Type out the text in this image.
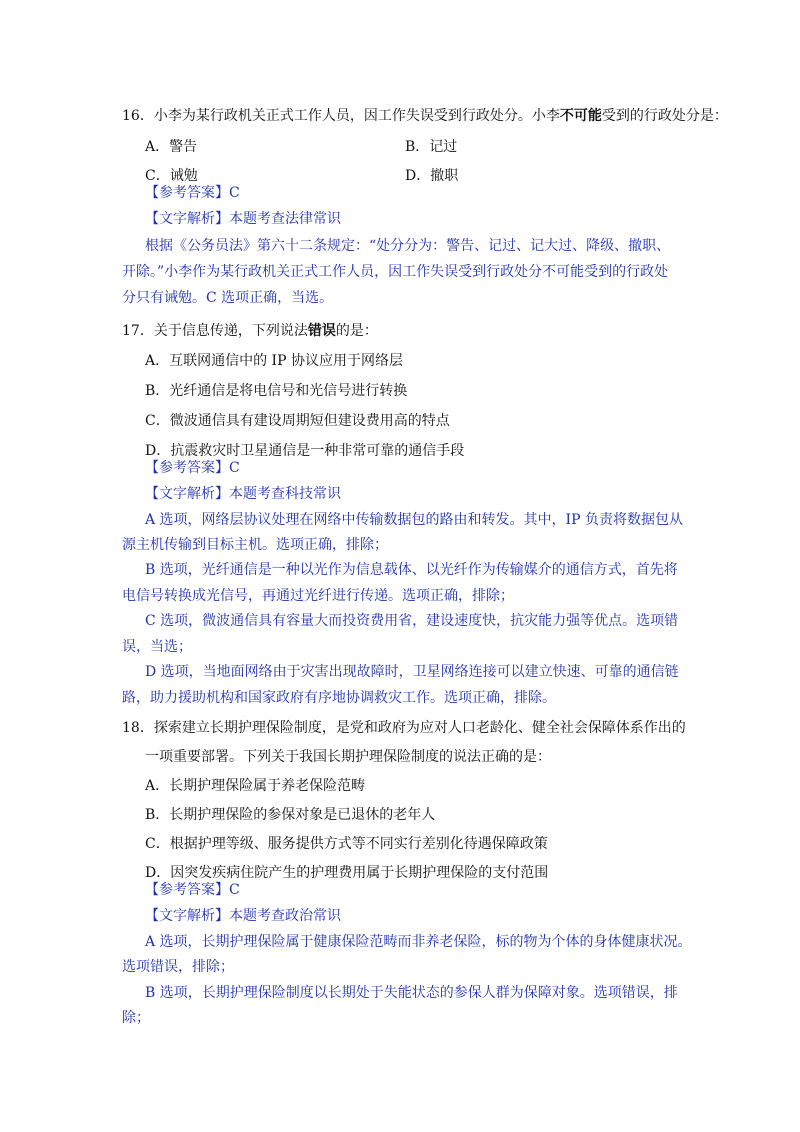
16．小李为某行政机关正式工作人员，因工作失误受到行政处分。小李不可能受到的行政处分是：
A．警告	B．记过
C．诫勉	D．撤职
【参考答案】C
【文字解析】本题考查法律常识
根据《公务员法》第六十二条规定：“处分分为：警告、记过、记大过、降级、撤职、
开除。”小李作为某行政机关正式工作人员，因工作失误受到行政处分不可能受到的行政处
分只有诫勉。C 选项正确，当选。
17．关于信息传递，下列说法错误的是：
A．互联网通信中的 IP 协议应用于网络层
B．光纤通信是将电信号和光信号进行转换
C．微波通信具有建设周期短但建设费用高的特点
D．抗震救灾时卫星通信是一种非常可靠的通信手段
【参考答案】C
【文字解析】本题考查科技常识
A 选项，网络层协议处理在网络中传输数据包的路由和转发。其中，IP 负责将数据包从
源主机传输到目标主机。选项正确，排除；
B 选项，光纤通信是一种以光作为信息载体、以光纤作为传输媒介的通信方式，首先将
电信号转换成光信号，再通过光纤进行传递。选项正确，排除；
C 选项，微波通信具有容量大而投资费用省，建设速度快，抗灾能力强等优点。选项错
误，当选；
D 选项，当地面网络由于灾害出现故障时，卫星网络连接可以建立快速、可靠的通信链
路，助力援助机构和国家政府有序地协调救灾工作。选项正确，排除。
18．探索建立长期护理保险制度，是党和政府为应对人口老龄化、健全社会保障体系作出的
一项重要部署。下列关于我国长期护理保险制度的说法正确的是：
A．长期护理保险属于养老保险范畴
B．长期护理保险的参保对象是已退休的老年人
C．根据护理等级、服务提供方式等不同实行差别化待遇保障政策
D．因突发疾病住院产生的护理费用属于长期护理保险的支付范围
【参考答案】C
【文字解析】本题考查政治常识
A 选项，长期护理保险属于健康保险范畴而非养老保险，标的物为个体的身体健康状况。
选项错误，排除；
B 选项，长期护理保险制度以长期处于失能状态的参保人群为保障对象。选项错误，排
除；
